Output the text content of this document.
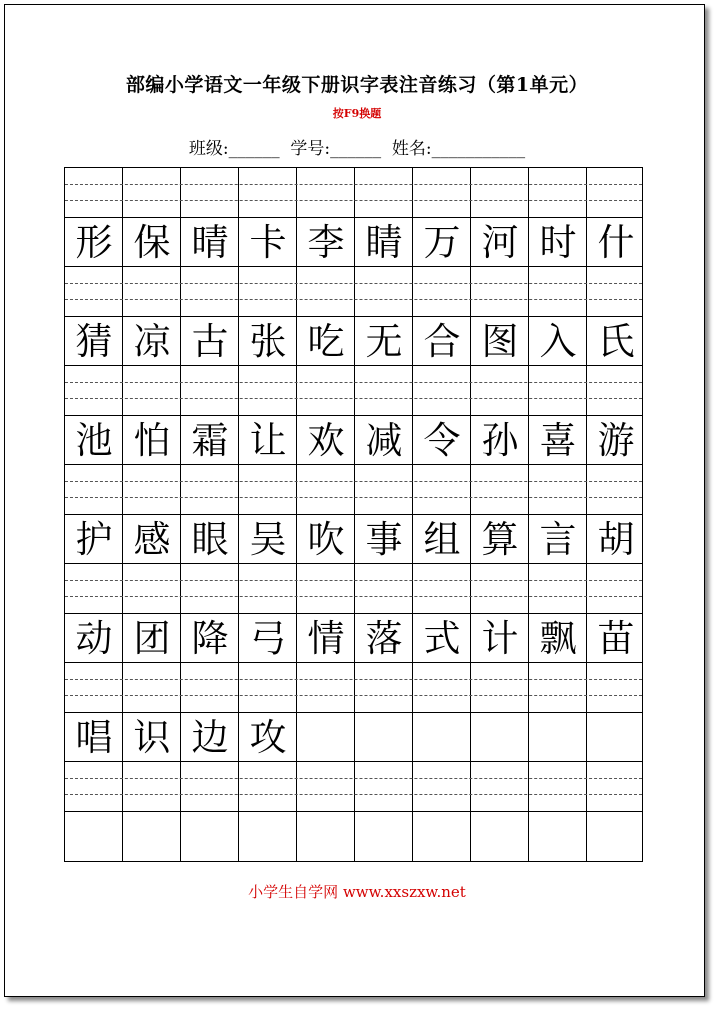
部编小学语文一年级下册识字表注音练习（第1单元）
按F9换题
班级:______  学号:______  姓名:___________
形 保 晴 卡 李 睛 万 河 时 什
猜 凉 古 张 吃 无 合 图 入 氏
池 怕 霜 让 欢 减 令 孙 喜 游
护 感 眼 吴 吹 事 组 算 言 胡
动 团 降 弓 情 落 式 计 飘 苗
唱 识 边 攻
小学生自学网 www.xxszxw.net
